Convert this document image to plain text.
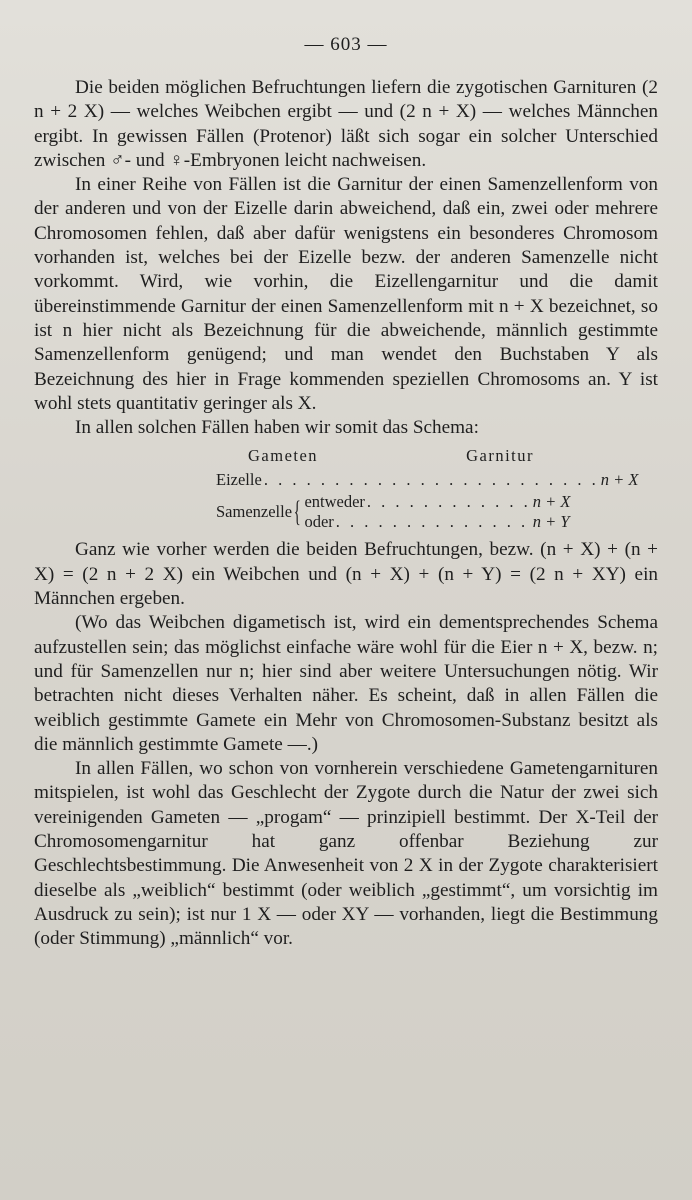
— 603 —

Die beiden möglichen Befruchtungen liefern die zygotischen Garnituren (2 n + 2 X) — welches Weibchen ergibt — und (2 n + X) — welches Männchen ergibt. In gewissen Fällen (Protenor) läßt sich sogar ein solcher Unterschied zwischen ♂- und ♀-Embryonen leicht nachweisen.

In einer Reihe von Fällen ist die Garnitur der einen Samenzellenform von der anderen und von der Eizelle darin abweichend, daß ein, zwei oder mehrere Chromosomen fehlen, daß aber dafür wenigstens ein besonderes Chromosom vorhanden ist, welches bei der Eizelle bezw. der anderen Samenzelle nicht vorkommt. Wird, wie vorhin, die Eizellengarnitur und die damit übereinstimmende Garnitur der einen Samenzellenform mit n + X bezeichnet, so ist n hier nicht als Bezeichnung für die abweichende, männlich gestimmte Samenzellenform genügend; und man wendet den Buchstaben Y als Bezeichnung des hier in Frage kommenden speziellen Chromosoms an. Y ist wohl stets quantitativ geringer als X.

In allen solchen Fällen haben wir somit das Schema:

Gameten	Garnitur
Eizelle . . . . . . . . . . . . . . . . . . . . . . . . n + X
Samenzelle { entweder . . . . . . . . . . . . n + X
oder . . . . . . . . . . . . . . n + Y

Ganz wie vorher werden die beiden Befruchtungen, bezw. (n + X) + (n + X) = (2 n + 2 X) ein Weibchen und (n + X) + (n + Y) = (2 n + XY) ein Männchen ergeben.

(Wo das Weibchen digametisch ist, wird ein dementsprechendes Schema aufzustellen sein; das möglichst einfache wäre wohl für die Eier n + X, bezw. n; und für Samenzellen nur n; hier sind aber weitere Untersuchungen nötig. Wir betrachten nicht dieses Verhalten näher. Es scheint, daß in allen Fällen die weiblich gestimmte Gamete ein Mehr von Chromosomen-Substanz besitzt als die männlich gestimmte Gamete —.)

In allen Fällen, wo schon von vornherein verschiedene Gametengarnituren mitspielen, ist wohl das Geschlecht der Zygote durch die Natur der zwei sich vereinigenden Gameten — „progam“ — prinzipiell bestimmt. Der X-Teil der Chromosomengarnitur hat ganz offenbar Beziehung zur Geschlechtsbestimmung. Die Anwesenheit von 2 X in der Zygote charakterisiert dieselbe als „weiblich“ bestimmt (oder weiblich „gestimmt“, um vorsichtig im Ausdruck zu sein); ist nur 1 X — oder XY — vorhanden, liegt die Bestimmung (oder Stimmung) „männlich“ vor.
